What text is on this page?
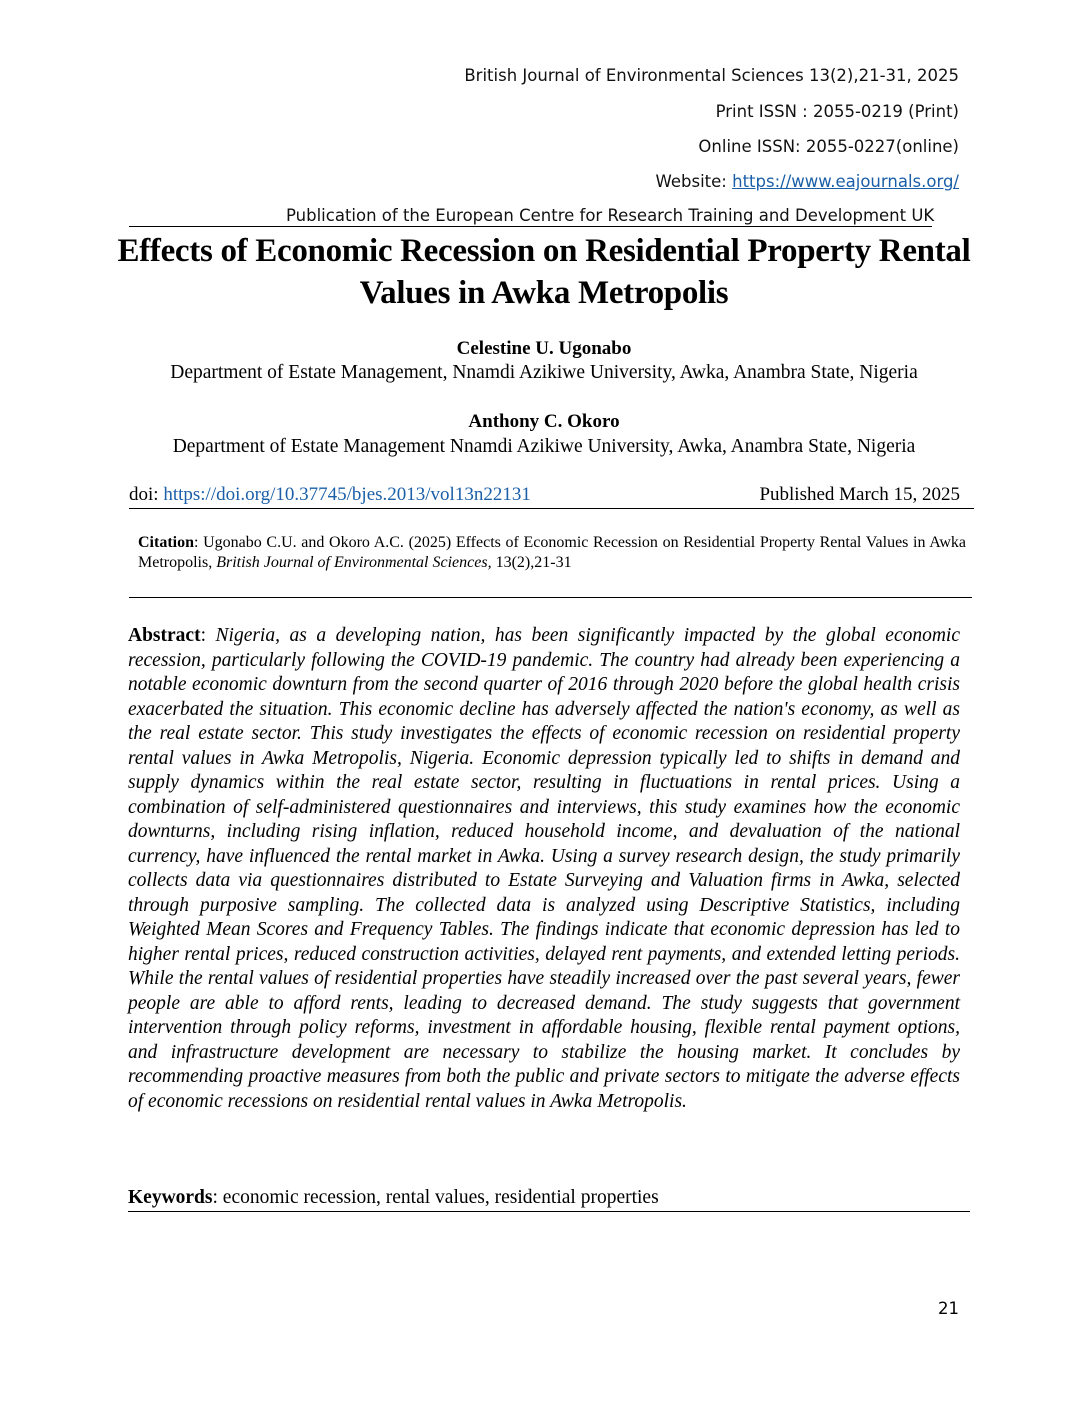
British Journal of Environmental Sciences 13(2),21-31, 2025
Print ISSN : 2055-0219 (Print)
Online ISSN: 2055-0227(online)
Website: https://www.eajournals.org/
Publication of the European Centre for Research Training and Development UK
Effects of Economic Recession on Residential Property Rental Values in Awka Metropolis
Celestine U. Ugonabo
Department of Estate Management, Nnamdi Azikiwe University, Awka, Anambra State, Nigeria
Anthony C. Okoro
Department of Estate Management Nnamdi Azikiwe University, Awka, Anambra State, Nigeria
doi: https://doi.org/10.37745/bjes.2013/vol13n22131	Published March 15, 2025
Citation: Ugonabo C.U. and Okoro A.C. (2025) Effects of Economic Recession on Residential Property Rental Values in Awka Metropolis, British Journal of Environmental Sciences, 13(2),21-31
Abstract: Nigeria, as a developing nation, has been significantly impacted by the global economic recession, particularly following the COVID-19 pandemic. The country had already been experiencing a notable economic downturn from the second quarter of 2016 through 2020 before the global health crisis exacerbated the situation. This economic decline has adversely affected the nation's economy, as well as the real estate sector. This study investigates the effects of economic recession on residential property rental values in Awka Metropolis, Nigeria. Economic depression typically led to shifts in demand and supply dynamics within the real estate sector, resulting in fluctuations in rental prices. Using a combination of self-administered questionnaires and interviews, this study examines how the economic downturns, including rising inflation, reduced household income, and devaluation of the national currency, have influenced the rental market in Awka. Using a survey research design, the study primarily collects data via questionnaires distributed to Estate Surveying and Valuation firms in Awka, selected through purposive sampling. The collected data is analyzed using Descriptive Statistics, including Weighted Mean Scores and Frequency Tables. The findings indicate that economic depression has led to higher rental prices, reduced construction activities, delayed rent payments, and extended letting periods. While the rental values of residential properties have steadily increased over the past several years, fewer people are able to afford rents, leading to decreased demand. The study suggests that government intervention through policy reforms, investment in affordable housing, flexible rental payment options, and infrastructure development are necessary to stabilize the housing market. It concludes by recommending proactive measures from both the public and private sectors to mitigate the adverse effects of economic recessions on residential rental values in Awka Metropolis.
Keywords: economic recession, rental values, residential properties
21
